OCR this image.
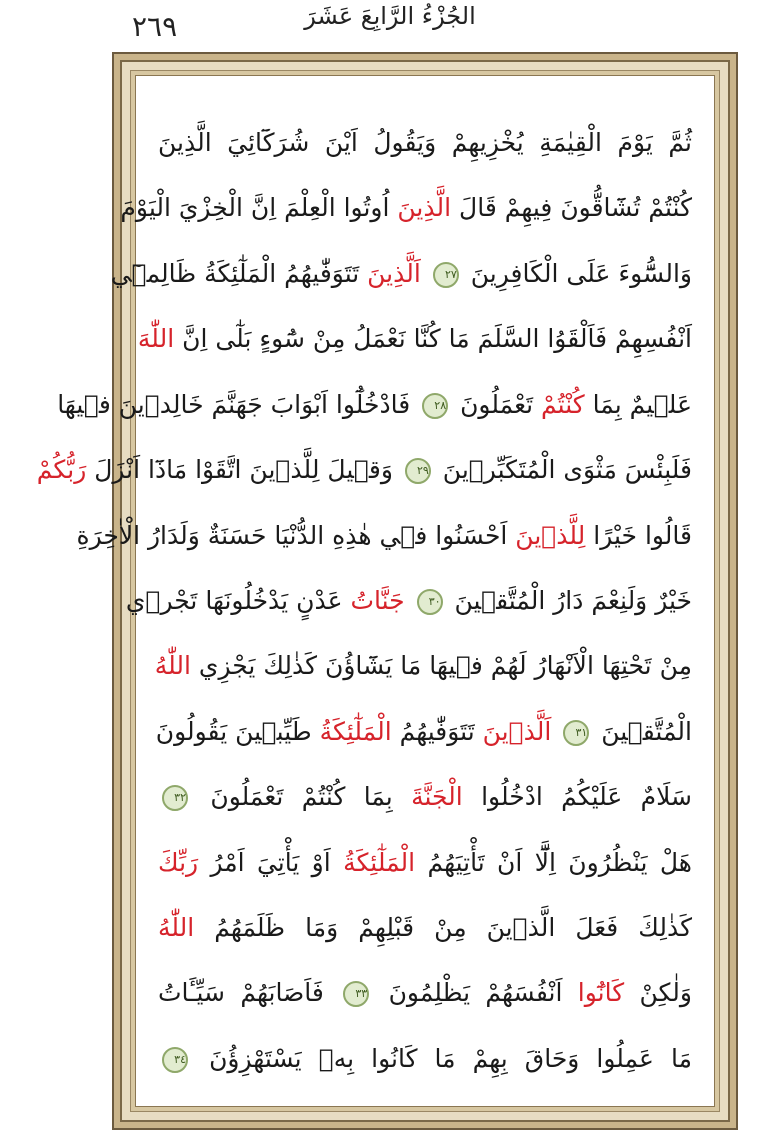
٢٦٩	الجُزْءُ الرَّابِعَ عَشَرَ
ثُمَّ يَوْمَ الْقِيٰمَةِ يُخْزِيهِمْ وَيَقُولُ اَيْنَ شُرَكَٓائِيَ الَّذِينَ
كُنْتُمْ تُشَٓاقُّونَ فِيهِمْ قَالَ الَّذِينَ اُوتُوا الْعِلْمَ اِنَّ الْخِزْيَ الْيَوْمَ
وَالسُّٓوءَ عَلَى الْكَافِرِينَ ٢٧ اَلَّذِينَ تَتَوَفّٰيهُمُ الْمَلٰٓئِكَةُ ظَالِمٖٓي
اَنْفُسِهِمْ فَاَلْقَوُا السَّلَمَ مَا كُنَّا نَعْمَلُ مِنْ سُٓوءٍ بَلٰٓى اِنَّ اللّٰهَ
عَلٖيمٌ بِمَا كُنْتُمْ تَعْمَلُونَ ٢٨ فَادْخُلُٓوا اَبْوَابَ جَهَنَّمَ خَالِدٖينَ فٖيهَا
فَلَبِئْسَ مَثْوَى الْمُتَكَبِّرٖينَ ٢٩ وَقٖيلَ لِلَّذٖينَ اتَّقَوْا مَاذَٓا اَنْزَلَ رَبُّكُمْ
قَالُوا خَيْرًا لِلَّذٖينَ اَحْسَنُوا فٖي هٰذِهِ الدُّنْيَا حَسَنَةٌ وَلَدَارُ الْاٰخِرَةِ
خَيْرٌ وَلَنِعْمَ دَارُ الْمُتَّقٖينَ ٣٠ جَنَّاتُ عَدْنٍ يَدْخُلُونَهَا تَجْرٖي
مِنْ تَحْتِهَا الْاَنْهَارُ لَهُمْ فٖيهَا مَا يَشَٓاؤُنَ كَذٰلِكَ يَجْزِي اللّٰهُ
الْمُتَّقٖينَ ٣١ اَلَّذٖينَ تَتَوَفّٰيهُمُ الْمَلٰٓئِكَةُ طَيِّبٖينَ يَقُولُونَ
سَلَامٌ عَلَيْكُمُ ادْخُلُوا الْجَنَّةَ بِمَا كُنْتُمْ تَعْمَلُونَ ٣٢
هَلْ يَنْظُرُونَ اِلَّٓا اَنْ تَأْتِيَهُمُ الْمَلٰٓئِكَةُ اَوْ يَأْتِيَ اَمْرُ رَبِّكَ
كَذٰلِكَ فَعَلَ الَّذٖينَ مِنْ قَبْلِهِمْ وَمَا ظَلَمَهُمُ اللّٰهُ
وَلٰكِنْ كَانُٓوا اَنْفُسَهُمْ يَظْلِمُونَ ٣٣ فَاَصَابَهُمْ سَيِّـَٔاتُ
مَا عَمِلُوا وَحَاقَ بِهِمْ مَا كَانُوا بِهٖ يَسْتَهْزِؤُنَ ٣٤
